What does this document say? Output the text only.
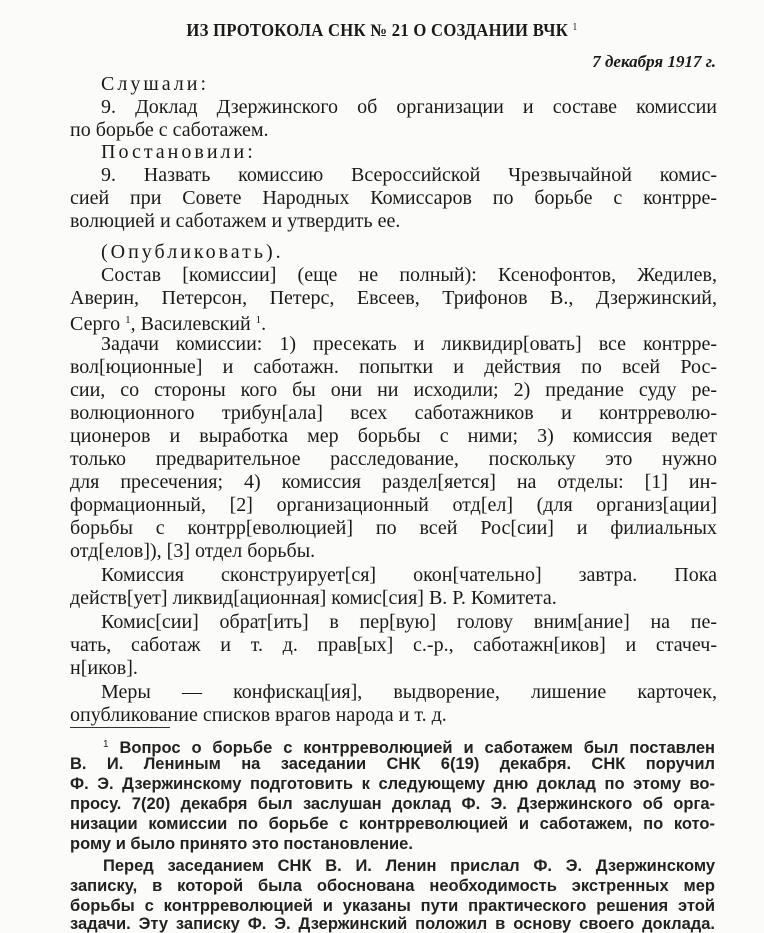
ИЗ ПРОТОКОЛА СНК № 21 О СОЗДАНИИ ВЧК $^1$
7 декабря 1917 г.
Слушали:
9. Доклад Дзержинского об организации и составе комиссии
по борьбе с саботажем.
Постановили:
9. Назвать комиссию Всероссийской Чрезвычайной комис-
сией при Совете Народных Комиссаров по борьбе с контрре-
волюцией и саботажем и утвердить ее.
(Опубликовать).
Состав [комиссии] (еще не полный): Ксенофонтов, Жедилев,
Аверин, Петерсон, Петерс, Евсеев, Трифонов В., Дзержинский,
Серго $^1$, Василевский $^1$.
Задачи комиссии: 1) пресекать и ликвидир[овать] все контрре-
вол[юционные] и саботажн. попытки и действия по всей Рос-
сии, со стороны кого бы они ни исходили; 2) предание суду ре-
волюционного трибун[ала] всех саботажников и контрреволю-
ционеров и выработка мер борьбы с ними; 3) комиссия ведет
только предварительное расследование, поскольку это нужно
для пресечения; 4) комиссия раздел[яется] на отделы: [1] ин-
формационный, [2] организационный отд[ел] (для организ[ации]
борьбы с контрр[еволюцией] по всей Рос[сии] и филиальных
отд[елов]), [3] отдел борьбы.
Комиссия сконструирует[ся] окон[чательно] завтра. Пока
действ[ует] ликвид[ационная] комис[сия] В. Р. Комитета.
Комис[сии] обрат[ить] в пер[вую] голову вним[ание] на пе-
чать, саботаж и т. д. прав[ых] с.-р., саботажн[иков] и стачеч-
н[иков].
Меры — конфискац[ия], выдворение, лишение карточек,
опубликование списков врагов народа и т. д.
$^1$ Вопрос о борьбе с контрреволюцией и саботажем был поставлен
В. И. Лениным на заседании СНК 6(19) декабря. СНК поручил
Ф. Э. Дзержинскому подготовить к следующему дню доклад по этому во-
просу. 7(20) декабря был заслушан доклад Ф. Э. Дзержинского об орга-
низации комиссии по борьбе с контрреволюцией и саботажем, по кото-
рому и было принято это постановление.
Перед заседанием СНК В. И. Ленин прислал Ф. Э. Дзержинскому
записку, в которой была обоснована необходимость экстренных мер
борьбы с контрреволюцией и указаны пути практического решения этой
задачи. Эту записку Ф. Э. Дзержинский положил в основу своего доклада.
